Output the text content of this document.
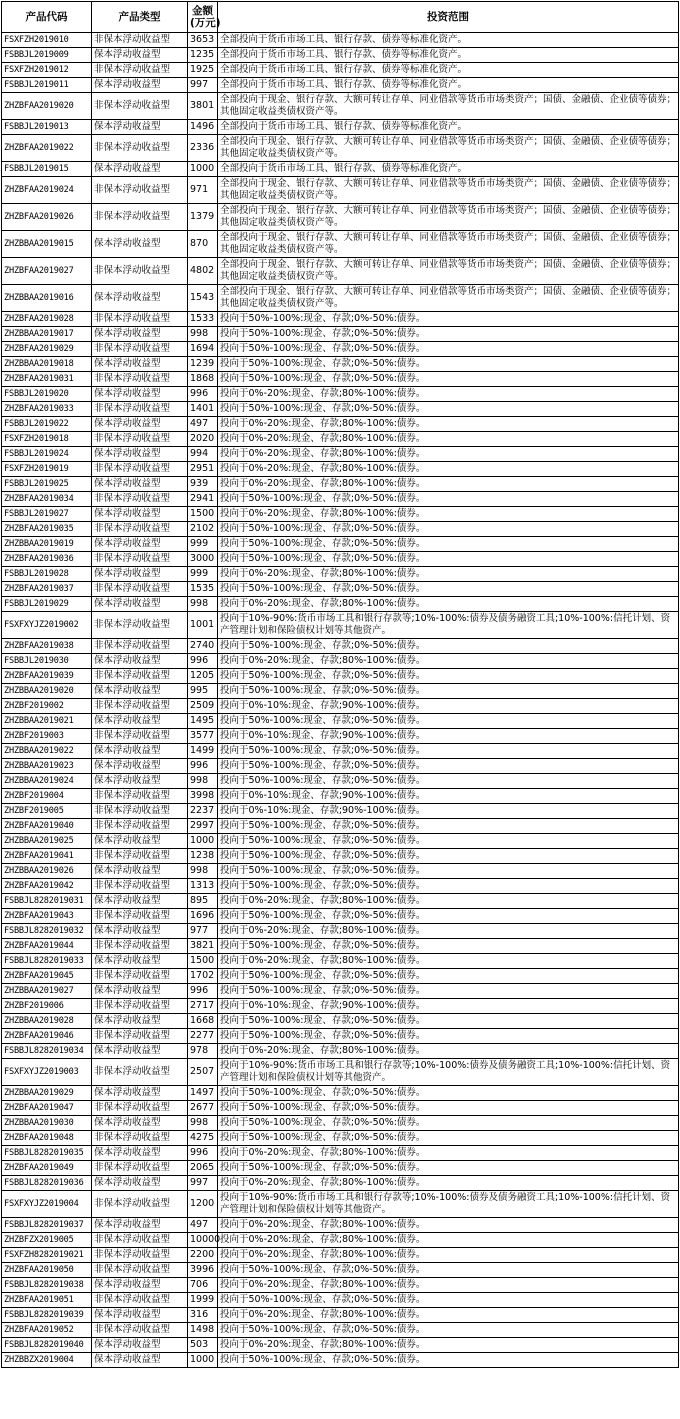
产品代码	产品类型	金额
(万元)	投资范围
FSXFZH2019010	非保本浮动收益型	3653	全部投向于货币市场工具、银行存款、债券等标准化资产。
FSBBJL2019009	保本浮动收益型	1235	全部投向于货币市场工具、银行存款、债券等标准化资产。
FSXFZH2019012	非保本浮动收益型	1925	全部投向于货币市场工具、银行存款、债券等标准化资产。
FSBBJL2019011	保本浮动收益型	997	全部投向于货币市场工具、银行存款、债券等标准化资产。
ZHZBFAA2019020	非保本浮动收益型	3801	全部投向于现金、银行存款、大额可转让存单、同业借款等货币市场类资产；国债、金融债、企业债等债券；其他固定收益类债权资产等。
FSBBJL2019013	保本浮动收益型	1496	全部投向于货币市场工具、银行存款、债券等标准化资产。
ZHZBFAA2019022	非保本浮动收益型	2336	全部投向于现金、银行存款、大额可转让存单、同业借款等货币市场类资产；国债、金融债、企业债等债券；其他固定收益类债权资产等。
FSBBJL2019015	保本浮动收益型	1000	全部投向于货币市场工具、银行存款、债券等标准化资产。
ZHZBFAA2019024	非保本浮动收益型	971	全部投向于现金、银行存款、大额可转让存单、同业借款等货币市场类资产；国债、金融债、企业债等债券；其他固定收益类债权资产等。
ZHZBFAA2019026	非保本浮动收益型	1379	全部投向于现金、银行存款、大额可转让存单、同业借款等货币市场类资产；国债、金融债、企业债等债券；其他固定收益类债权资产等。
ZHZBBAA2019015	保本浮动收益型	870	全部投向于现金、银行存款、大额可转让存单、同业借款等货币市场类资产；国债、金融债、企业债等债券；其他固定收益类债权资产等。
ZHZBFAA2019027	非保本浮动收益型	4802	全部投向于现金、银行存款、大额可转让存单、同业借款等货币市场类资产；国债、金融债、企业债等债券；其他固定收益类债权资产等。
ZHZBBAA2019016	保本浮动收益型	1543	全部投向于现金、银行存款、大额可转让存单、同业借款等货币市场类资产；国债、金融债、企业债等债券；其他固定收益类债权资产等。
ZHZBFAA2019028	非保本浮动收益型	1533	投向于50%-100%:现金、存款;0%-50%:债券。
ZHZBBAA2019017	保本浮动收益型	998	投向于50%-100%:现金、存款;0%-50%:债券。
ZHZBFAA2019029	非保本浮动收益型	1694	投向于50%-100%:现金、存款;0%-50%:债券。
ZHZBBAA2019018	保本浮动收益型	1239	投向于50%-100%:现金、存款;0%-50%:债券。
ZHZBFAA2019031	非保本浮动收益型	1868	投向于50%-100%:现金、存款;0%-50%:债券。
FSBBJL2019020	保本浮动收益型	996	投向于0%-20%:现金、存款;80%-100%:债券。
ZHZBFAA2019033	非保本浮动收益型	1401	投向于50%-100%:现金、存款;0%-50%:债券。
FSBBJL2019022	保本浮动收益型	497	投向于0%-20%:现金、存款;80%-100%:债券。
FSXFZH2019018	非保本浮动收益型	2020	投向于0%-20%:现金、存款;80%-100%:债券。
FSBBJL2019024	保本浮动收益型	994	投向于0%-20%:现金、存款;80%-100%:债券。
FSXFZH2019019	非保本浮动收益型	2951	投向于0%-20%:现金、存款;80%-100%:债券。
FSBBJL2019025	保本浮动收益型	939	投向于0%-20%:现金、存款;80%-100%:债券。
ZHZBFAA2019034	非保本浮动收益型	2941	投向于50%-100%:现金、存款;0%-50%:债券。
FSBBJL2019027	保本浮动收益型	1500	投向于0%-20%:现金、存款;80%-100%:债券。
ZHZBFAA2019035	非保本浮动收益型	2102	投向于50%-100%:现金、存款;0%-50%:债券。
ZHZBBAA2019019	保本浮动收益型	999	投向于50%-100%:现金、存款;0%-50%:债券。
ZHZBFAA2019036	非保本浮动收益型	3000	投向于50%-100%:现金、存款;0%-50%:债券。
FSBBJL2019028	保本浮动收益型	999	投向于0%-20%:现金、存款;80%-100%:债券。
ZHZBFAA2019037	非保本浮动收益型	1535	投向于50%-100%:现金、存款;0%-50%:债券。
FSBBJL2019029	保本浮动收益型	998	投向于0%-20%:现金、存款;80%-100%:债券。
FSXFXYJZ2019002	非保本浮动收益型	1001	投向于10%-90%:货币市场工具和银行存款等;10%-100%:债券及债务融资工具;10%-100%:信托计划、资产管理计划和保险债权计划等其他资产。
ZHZBFAA2019038	非保本浮动收益型	2740	投向于50%-100%:现金、存款;0%-50%:债券。
FSBBJL2019030	保本浮动收益型	996	投向于0%-20%:现金、存款;80%-100%:债券。
ZHZBFAA2019039	非保本浮动收益型	1205	投向于50%-100%:现金、存款;0%-50%:债券。
ZHZBBAA2019020	保本浮动收益型	995	投向于50%-100%:现金、存款;0%-50%:债券。
ZHZBF2019002	非保本浮动收益型	2509	投向于0%-10%:现金、存款;90%-100%:债券。
ZHZBBAA2019021	保本浮动收益型	1495	投向于50%-100%:现金、存款;0%-50%:债券。
ZHZBF2019003	非保本浮动收益型	3577	投向于0%-10%:现金、存款;90%-100%:债券。
ZHZBBAA2019022	保本浮动收益型	1499	投向于50%-100%:现金、存款;0%-50%:债券。
ZHZBBAA2019023	保本浮动收益型	996	投向于50%-100%:现金、存款;0%-50%:债券。
ZHZBBAA2019024	保本浮动收益型	998	投向于50%-100%:现金、存款;0%-50%:债券。
ZHZBF2019004	非保本浮动收益型	3998	投向于0%-10%:现金、存款;90%-100%:债券。
ZHZBF2019005	非保本浮动收益型	2237	投向于0%-10%:现金、存款;90%-100%:债券。
ZHZBFAA2019040	非保本浮动收益型	2997	投向于50%-100%:现金、存款;0%-50%:债券。
ZHZBBAA2019025	保本浮动收益型	1000	投向于50%-100%:现金、存款;0%-50%:债券。
ZHZBFAA2019041	非保本浮动收益型	1238	投向于50%-100%:现金、存款;0%-50%:债券。
ZHZBBAA2019026	保本浮动收益型	998	投向于50%-100%:现金、存款;0%-50%:债券。
ZHZBFAA2019042	非保本浮动收益型	1313	投向于50%-100%:现金、存款;0%-50%:债券。
FSBBJL8282019031	保本浮动收益型	895	投向于0%-20%:现金、存款;80%-100%:债券。
ZHZBFAA2019043	非保本浮动收益型	1696	投向于50%-100%:现金、存款;0%-50%:债券。
FSBBJL8282019032	保本浮动收益型	977	投向于0%-20%:现金、存款;80%-100%:债券。
ZHZBFAA2019044	非保本浮动收益型	3821	投向于50%-100%:现金、存款;0%-50%:债券。
FSBBJL8282019033	保本浮动收益型	1500	投向于0%-20%:现金、存款;80%-100%:债券。
ZHZBFAA2019045	非保本浮动收益型	1702	投向于50%-100%:现金、存款;0%-50%:债券。
ZHZBBAA2019027	保本浮动收益型	996	投向于50%-100%:现金、存款;0%-50%:债券。
ZHZBF2019006	非保本浮动收益型	2717	投向于0%-10%:现金、存款;90%-100%:债券。
ZHZBBAA2019028	保本浮动收益型	1668	投向于50%-100%:现金、存款;0%-50%:债券。
ZHZBFAA2019046	非保本浮动收益型	2277	投向于50%-100%:现金、存款;0%-50%:债券。
FSBBJL8282019034	保本浮动收益型	978	投向于0%-20%:现金、存款;80%-100%:债券。
FSXFXYJZ2019003	非保本浮动收益型	2507	投向于10%-90%:货币市场工具和银行存款等;10%-100%:债券及债务融资工具;10%-100%:信托计划、资产管理计划和保险债权计划等其他资产。
ZHZBBAA2019029	保本浮动收益型	1497	投向于50%-100%:现金、存款;0%-50%:债券。
ZHZBFAA2019047	非保本浮动收益型	2677	投向于50%-100%:现金、存款;0%-50%:债券。
ZHZBBAA2019030	保本浮动收益型	998	投向于50%-100%:现金、存款;0%-50%:债券。
ZHZBFAA2019048	非保本浮动收益型	4275	投向于50%-100%:现金、存款;0%-50%:债券。
FSBBJL8282019035	保本浮动收益型	996	投向于0%-20%:现金、存款;80%-100%:债券。
ZHZBFAA2019049	非保本浮动收益型	2065	投向于50%-100%:现金、存款;0%-50%:债券。
FSBBJL8282019036	保本浮动收益型	997	投向于0%-20%:现金、存款;80%-100%:债券。
FSXFXYJZ2019004	非保本浮动收益型	1200	投向于10%-90%:货币市场工具和银行存款等;10%-100%:债券及债务融资工具;10%-100%:信托计划、资产管理计划和保险债权计划等其他资产。
FSBBJL8282019037	保本浮动收益型	497	投向于0%-20%:现金、存款;80%-100%:债券。
ZHZBFZX2019005	非保本浮动收益型	10000	投向于0%-20%:现金、存款;80%-100%:债券。
FSXFZH8282019021	非保本浮动收益型	2200	投向于0%-20%:现金、存款;80%-100%:债券。
ZHZBFAA2019050	非保本浮动收益型	3996	投向于50%-100%:现金、存款;0%-50%:债券。
FSBBJL8282019038	保本浮动收益型	706	投向于0%-20%:现金、存款;80%-100%:债券。
ZHZBFAA2019051	非保本浮动收益型	1999	投向于50%-100%:现金、存款;0%-50%:债券。
FSBBJL8282019039	保本浮动收益型	316	投向于0%-20%:现金、存款;80%-100%:债券。
ZHZBFAA2019052	非保本浮动收益型	1498	投向于50%-100%:现金、存款;0%-50%:债券。
FSBBJL8282019040	保本浮动收益型	503	投向于0%-20%:现金、存款;80%-100%:债券。
ZHZBBZX2019004	保本浮动收益型	1000	投向于50%-100%:现金、存款;0%-50%:债券。
